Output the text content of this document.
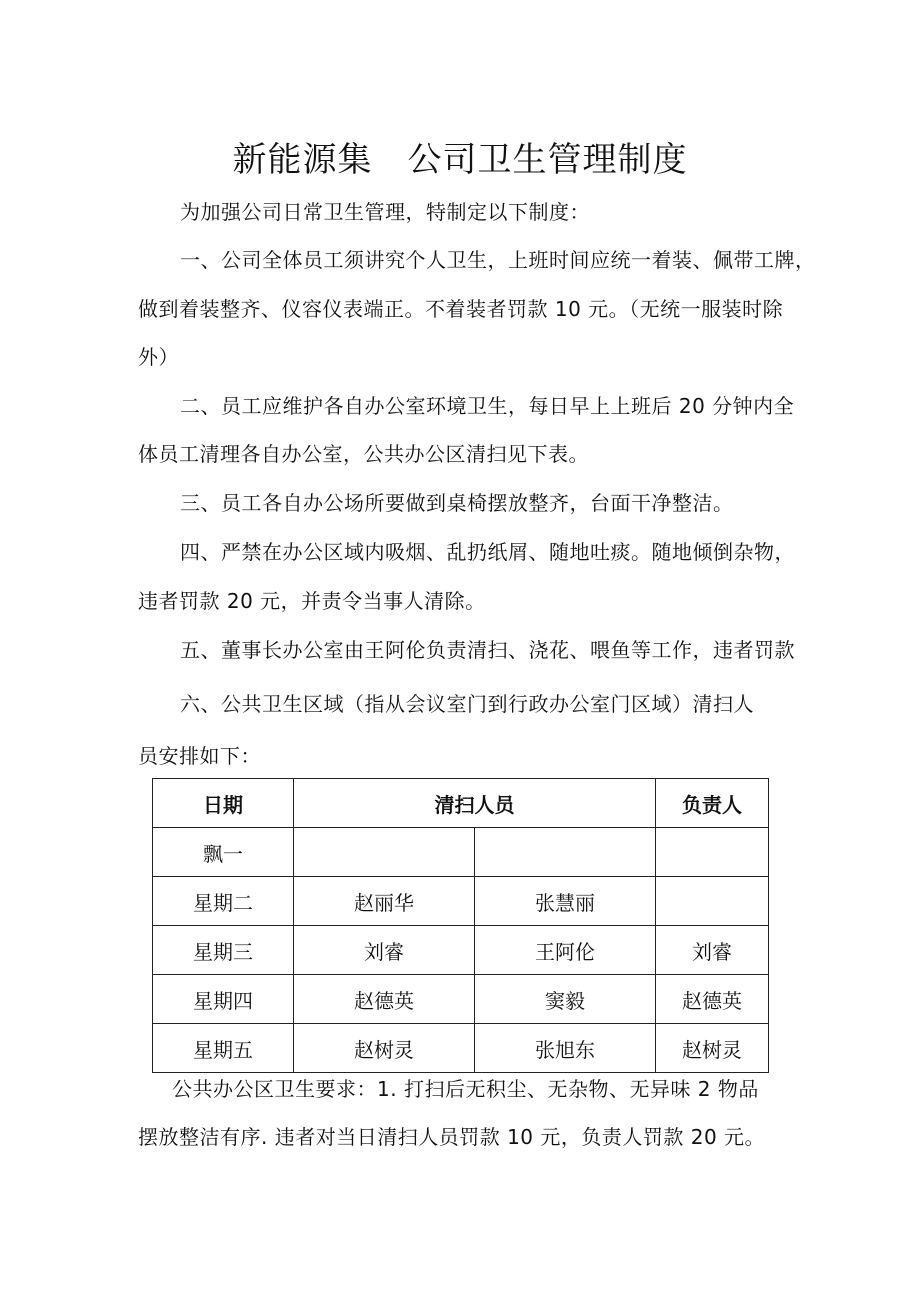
新能源集　公司卫生管理制度
为加强公司日常卫生管理，特制定以下制度：
一、公司全体员工须讲究个人卫生，上班时间应统一着装、佩带工牌，
做到着装整齐、仪容仪表端正。不着装者罚款 10 元。（无统一服装时除
外）
二、员工应维护各自办公室环境卫生，每日早上上班后 20 分钟内全
体员工清理各自办公室，公共办公区清扫见下表。
三、员工各自办公场所要做到桌椅摆放整齐，台面干净整洁。
四、严禁在办公区域内吸烟、乱扔纸屑、随地吐痰。随地倾倒杂物，
违者罚款 20 元，并责令当事人清除。
五、董事长办公室由王阿伦负责清扫、浇花、喂鱼等工作，违者罚款
六、公共卫生区域（指从会议室门到行政办公室门区域）清扫人
员安排如下：
日期	清扫人员		负责人
飘一			
星期二	赵丽华	张慧丽	
星期三	刘睿	王阿伦	刘睿
星期四	赵德英	窦毅	赵德英
星期五	赵树灵	张旭东	赵树灵
公共办公区卫生要求：1. 打扫后无积尘、无杂物、无异味 2 物品
摆放整洁有序. 违者对当日清扫人员罚款 10 元，负责人罚款 20 元。
